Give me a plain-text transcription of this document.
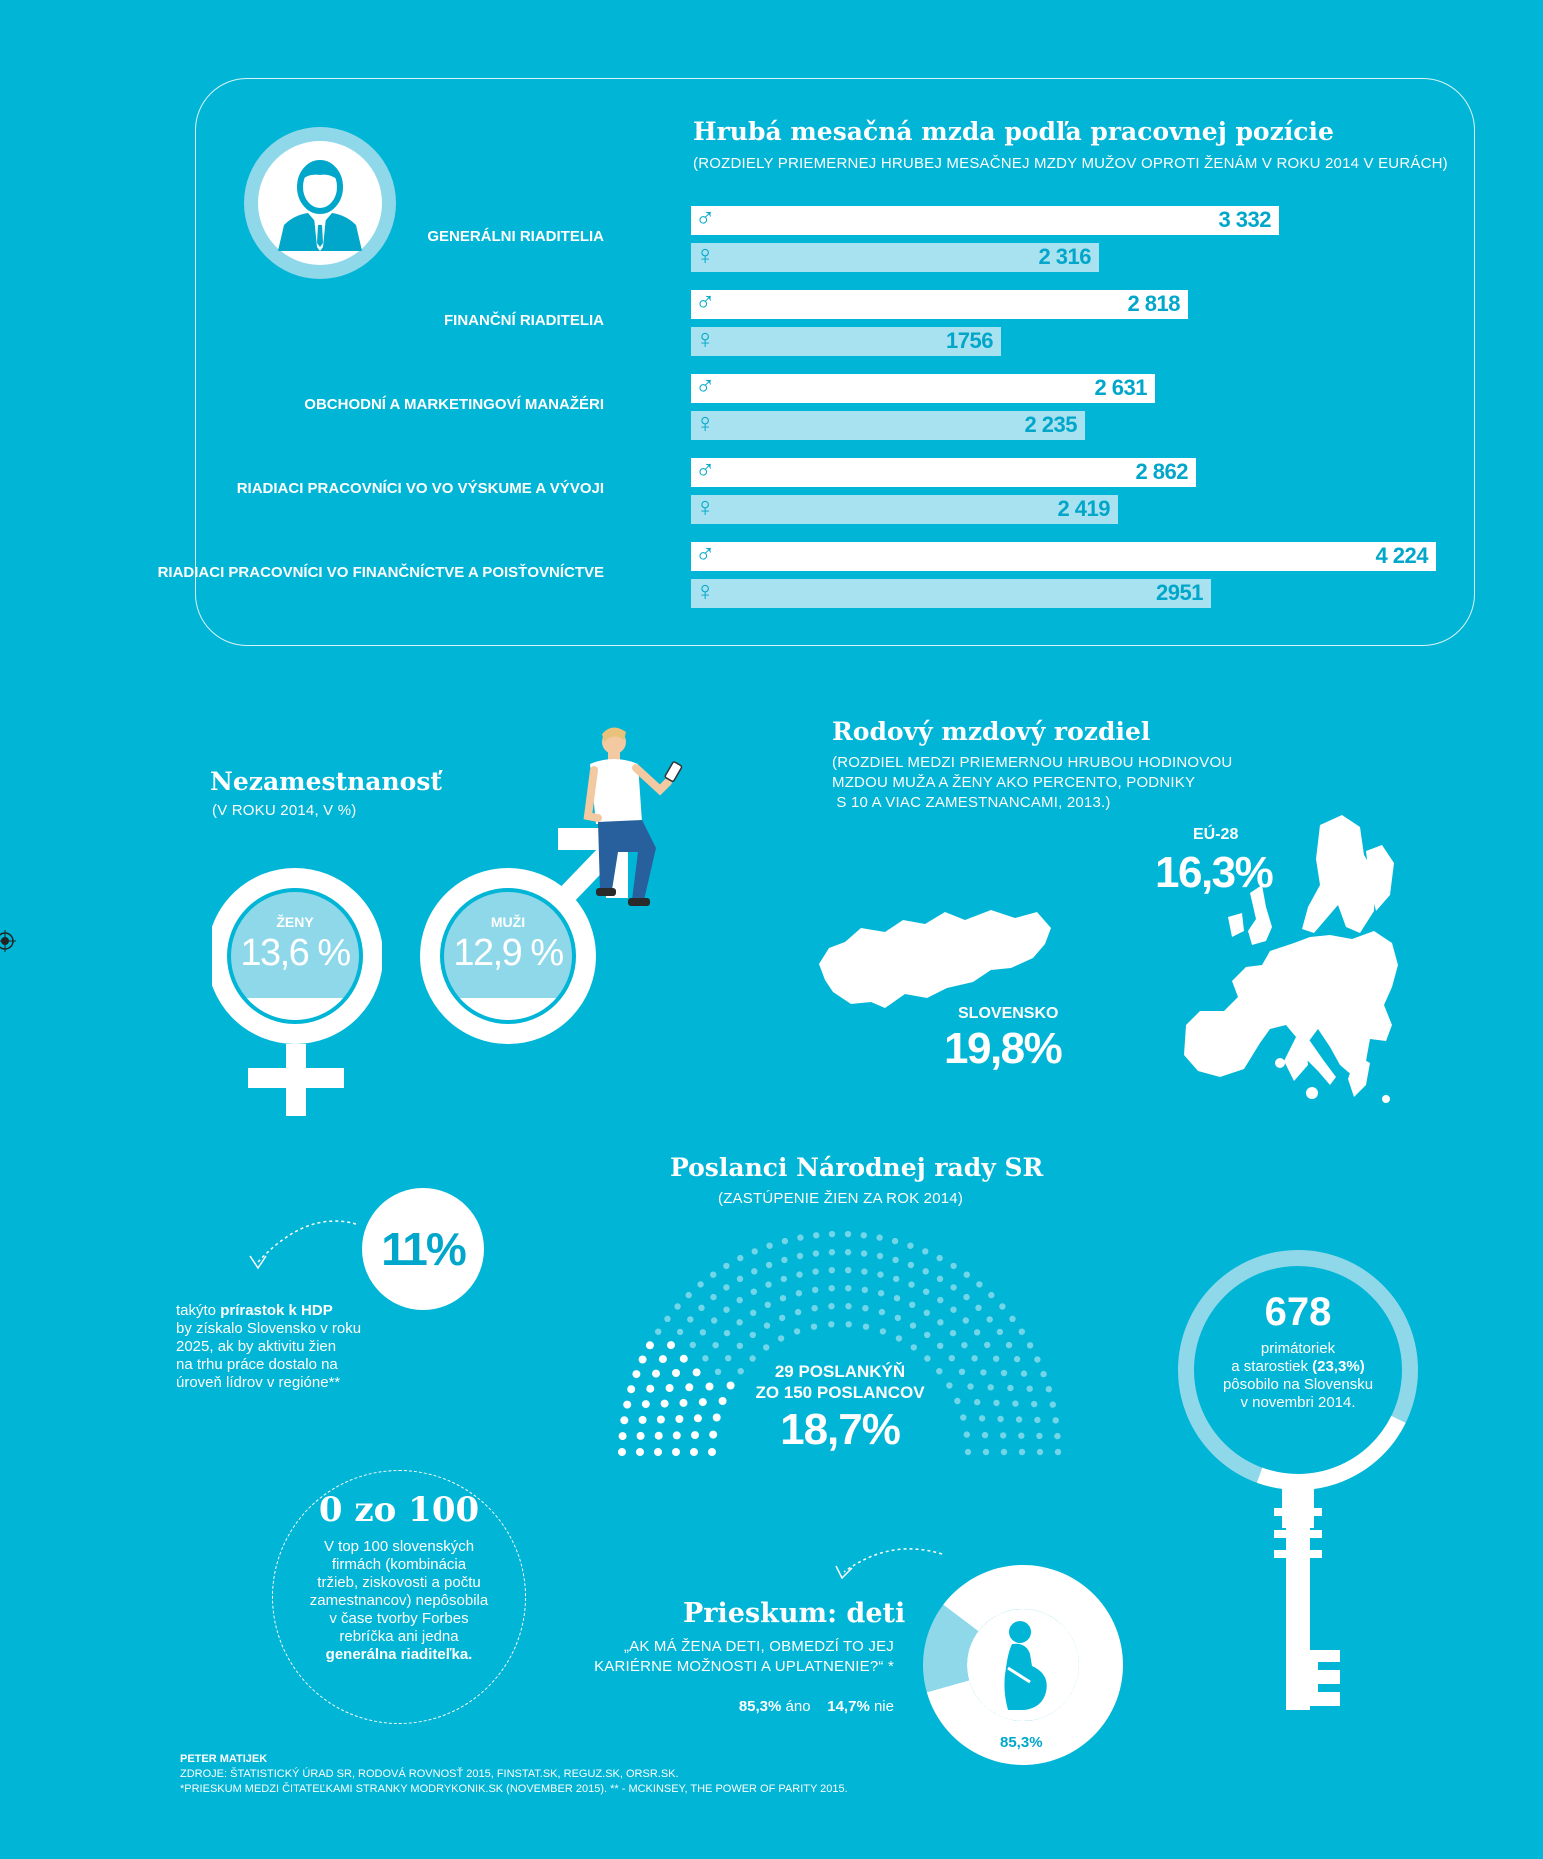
Hrubá mesačná mzda podľa pracovnej pozície
(ROZDIELY PRIEMERNEJ HRUBEJ MESAČNEJ MZDY MUŽOV OPROTI ŽENÁM V ROKU 2014 V EURÁCH)
GENERÁLNI RIADITELIA
♂	3 332
♀	2 316
FINANČNÍ RIADITELIA
♂	2 818
♀	1756
OBCHODNÍ A MARKETINGOVÍ MANAŽÉRI
♂	2 631
♀	2 235
RIADIACI PRACOVNÍCI VO VO VÝSKUME A VÝVOJI
♂	2 862
♀	2 419
RIADIACI PRACOVNÍCI VO FINANČNÍCTVE A POISŤOVNÍCTVE
♂	4 224
♀	2951
Nezamestnanosť
(V ROKU 2014, V %)
ŽENY
13,6 %
MUŽI
12,9 %
Rodový mzdový rozdiel
(ROZDIEL MEDZI PRIEMERNOU HRUBOU HODINOVOU
MZDOU MUŽA A ŽENY AKO PERCENTO, PODNIKY
S 10 A VIAC ZAMESTNANCAMI, 2013.)
SLOVENSKO
19,8%
EÚ-28
16,3%
Poslanci Národnej rady SR
(ZASTÚPENIE ŽIEN ZA ROK 2014)
29 POSLANKÝŇ
ZO 150 POSLANCOV
18,7%
11%
takýto prírastok k HDP
by získalo Slovensko v roku
2025, ak by aktivitu žien
na trhu práce dostalo na
úroveň lídrov v regióne**
678
primátoriek
a starostiek (23,3%)
pôsobilo na Slovensku
v novembri 2014.
0 zo 100
V top 100 slovenských
firmách (kombinácia
tržieb, ziskovosti a počtu
zamestnancov) nepôsobila
v čase tvorby Forbes
rebríčka ani jedna
generálna riaditeľka.
Prieskum: deti
„AK MÁ ŽENA DETI, OBMEDZÍ TO JEJ
KARIÉRNE MOŽNOSTI A UPLATNENIE?“ *
85,3% áno 14,7% nie
14,7%
85,3%
PETER MATIJEK
ZDROJE: ŠTATISTICKÝ ÚRAD SR, RODOVÁ ROVNOSŤ 2015, FINSTAT.SK, REGUZ.SK, ORSR.SK.
*PRIESKUM MEDZI ČITATEĽKAMI STRANKY MODRYKONIK.SK (NOVEMBER 2015). ** - MCKINSEY, THE POWER OF PARITY 2015.
